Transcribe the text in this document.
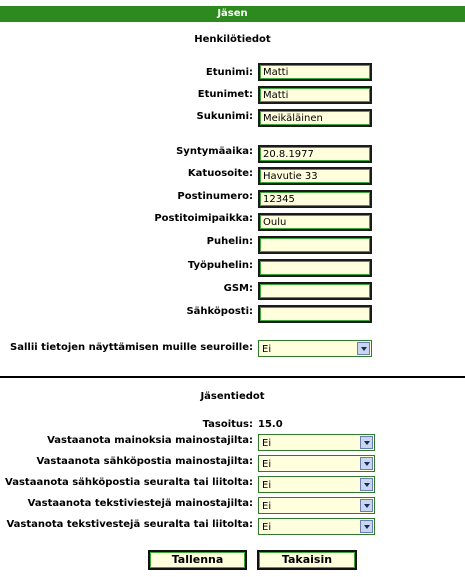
Jäsen
Henkilötiedot
Etunimi:	Matti
Etunimet:	Matti
Sukunimi:	Meikäläinen
Syntymäaika:	20.8.1977
Katuosoite:	Havutie 33
Postinumero:	12345
Postitoimipaikka:	Oulu
Puhelin:
Työpuhelin:
GSM:
Sähköposti:
Sallii tietojen näyttämisen muille seuroille: Ei
Jäsentiedot
Tasoitus: 15.0
Vastaanota mainoksia mainostajilta: Ei
Vastaanota sähköpostia mainostajilta: Ei
Vastaanota sähköpostia seuralta tai liitolta: Ei
Vastaanota tekstiviestejä mainostajilta: Ei
Vastanota tekstivestejä seuralta tai liitolta: Ei
Tallenna	Takaisin
